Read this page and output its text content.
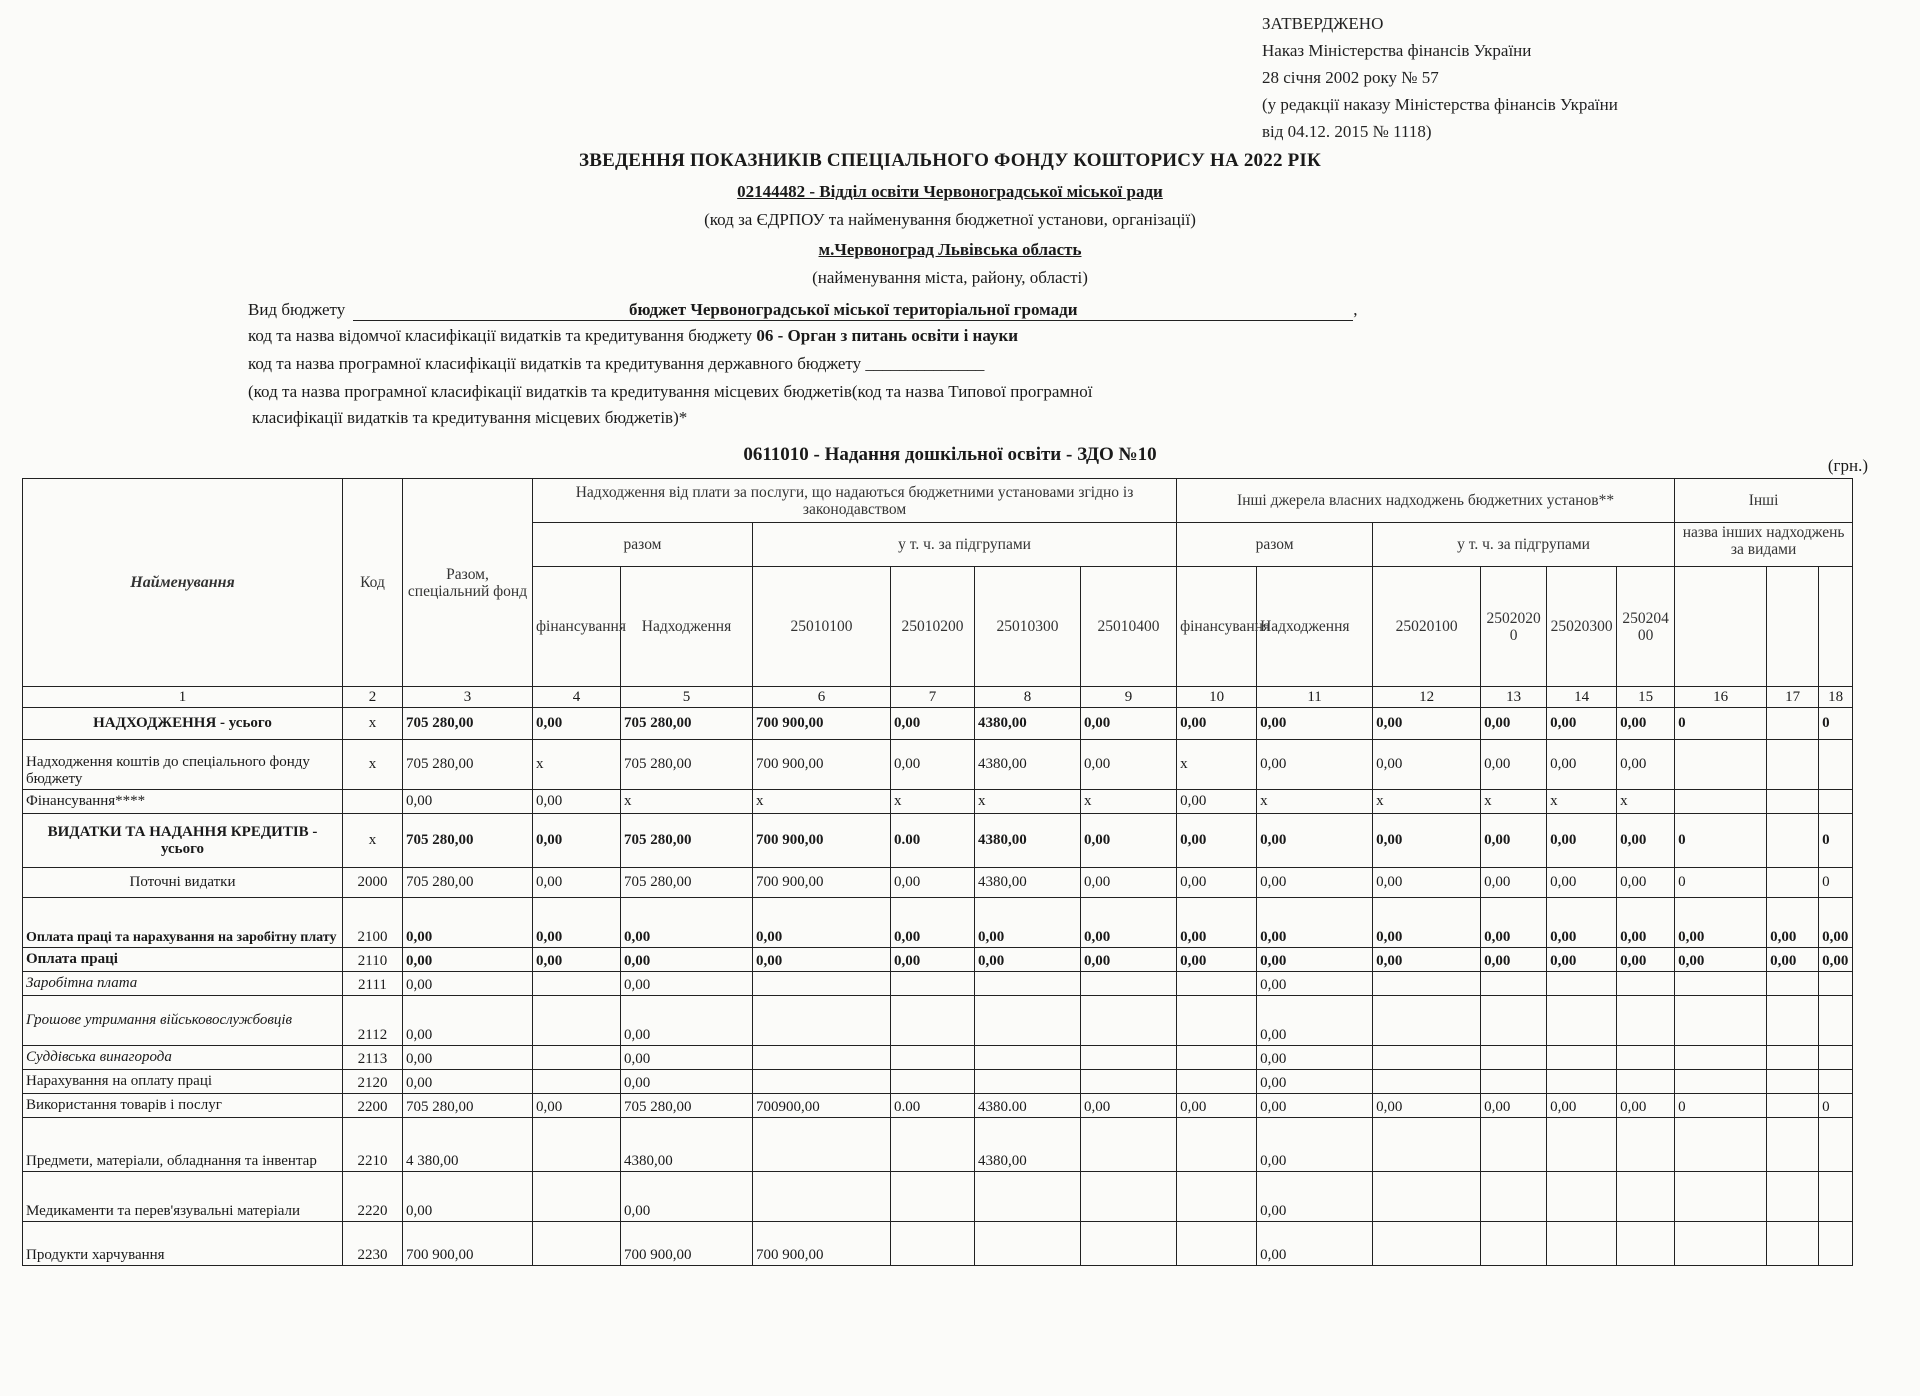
ЗАТВЕРДЖЕНО
Наказ Міністерства фінансів України
28 січня 2002 року № 57
(у редакції наказу Міністерства фінансів України
від 04.12. 2015 № 1118)
ЗВЕДЕННЯ ПОКАЗНИКІВ СПЕЦІАЛЬНОГО ФОНДУ КОШТОРИСУ НА 2022 РІК
02144482 - Відділ освіти Червоноградської міської ради
(код за ЄДРПОУ та найменування бюджетної установи, організації)
м.Червоноград Львівська область
(найменування міста, району, області)
Вид бюджету	бюджет Червоноградської міської територіальної громади	,
код та назва відомчої класифікації видатків та кредитування бюджету 06 - Орган з питань освіти і науки
код та назва програмної класифікації видатків та кредитування державного бюджету ______________
(код та назва програмної класифікації видатків та кредитування місцевих бюджетів(код та назва Типової програмної
класифікації видатків та кредитування місцевих бюджетів)*
0611010 - Надання дошкільної освіти - ЗДО №10
(грн.)
Найменування	Код	Разом, спеціальний фонд	Надходження від плати за послуги, що надаються бюджетними установами згідно із законодавством						Інші джерела власних надходжень бюджетних установ**						Інші		
			разом		у т. ч. за підгрупами				разом		у т. ч. за підгрупами				назва інших надходжень за видами		
			фінансування	Надходження	25010100	25010200	25010300	25010400	фінансування	Надходження	25020100	25020200	25020300	25020400			
1	2	3	4	5	6	7	8	9	10	11	12	13	14	15	16	17	18
НАДХОДЖЕННЯ - усього	х	705 280,00	0,00	705 280,00	700 900,00	0,00	4380,00	0,00	0,00	0,00	0,00	0,00	0,00	0,00	0		0
Надходження коштів до спеціального фонду бюджету	х	705 280,00	х	705 280,00	700 900,00	0,00	4380,00	0,00	х	0,00	0,00	0,00	0,00	0,00			
Фінансування****		0,00	0,00	х	х	х	х	х	0,00	х	х	х	х	х			
ВИДАТКИ ТА НАДАННЯ КРЕДИТІВ - усього	х	705 280,00	0,00	705 280,00	700 900,00	0.00	4380,00	0,00	0,00	0,00	0,00	0,00	0,00	0,00	0		0
Поточні видатки	2000	705 280,00	0,00	705 280,00	700 900,00	0,00	4380,00	0,00	0,00	0,00	0,00	0,00	0,00	0,00	0		0
Оплата праці та нарахування на заробітну плату	2100	0,00	0,00	0,00	0,00	0,00	0,00	0,00	0,00	0,00	0,00	0,00	0,00	0,00	0,00	0,00	0,00
Оплата праці	2110	0,00	0,00	0,00	0,00	0,00	0,00	0,00	0,00	0,00	0,00	0,00	0,00	0,00	0,00	0,00	0,00
Заробітна плата	2111	0,00		0,00						0,00							
Грошове утримання військовослужбовців	2112	0,00		0,00						0,00							
Суддівська винагорода	2113	0,00		0,00						0,00							
Нарахування на оплату праці	2120	0,00		0,00						0,00							
Використання товарів і послуг	2200	705 280,00	0,00	705 280,00	700900,00	0.00	4380.00	0,00	0,00	0,00	0,00	0,00	0,00	0,00	0		0
Предмети, матеріали, обладнання та інвентар	2210	4 380,00		4380,00			4380,00			0,00							
Медикаменти та перев'язувальні матеріали	2220	0,00		0,00						0,00							
Продукти харчування	2230	700 900,00		700 900,00	700 900,00					0,00							
